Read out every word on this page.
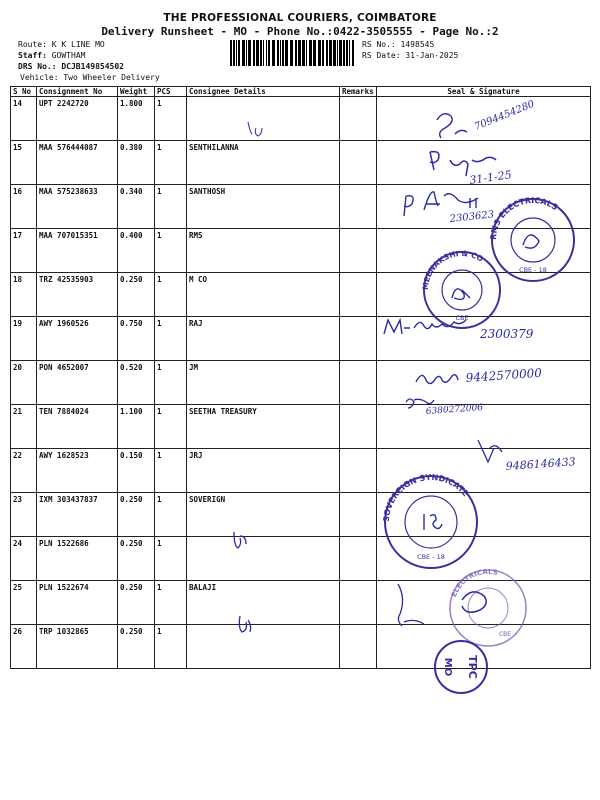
THE PROFESSIONAL COURIERS, COIMBATORE
Delivery Runsheet - MO - Phone No.:0422-3505555 - Page No.:2
Route: K K LINE MO
Staff: GOWTHAM
DRS No.: DCJB149854502
Vehicle: Two Wheeler Delivery
RS No.: 1498545
RS Date: 31-Jan-2025
S No	Consignment No	Weight	PCS	Consignee Details	Remarks	Seal & Signature
14	UPT 2242720	1.800	1			
15	MAA 576444087	0.380	1	SENTHILANNA		
16	MAA 575238633	0.340	1	SANTHOSH		
17	MAA 707015351	0.400	1	RMS		
18	TRZ 42535903	0.250	1	M CO		
19	AWY 1960526	0.750	1	RAJ		
20	PON 4652007	0.520	1	JM		
21	TEN 7884024	1.100	1	SEETHA TREASURY		
22	AWY 1628523	0.150	1	JRJ		
23	IXM 303437837	0.250	1	SOVERIGN		
24	PLN 1522686	0.250	1			
25	PLN 1522674	0.250	1	BALAJI		
26	TRP 1032865	0.250	1			
7094454280
31-1-25
2303623
2300379
9442570000
6380272006
9486146433
RMS ELECTRICALS
CBE - 18
MEENAKSHI & CO
CBE
SOVEREIGN SYNDICATE
CBE - 18
ELECTRICALS
CBE
TPC
MO
